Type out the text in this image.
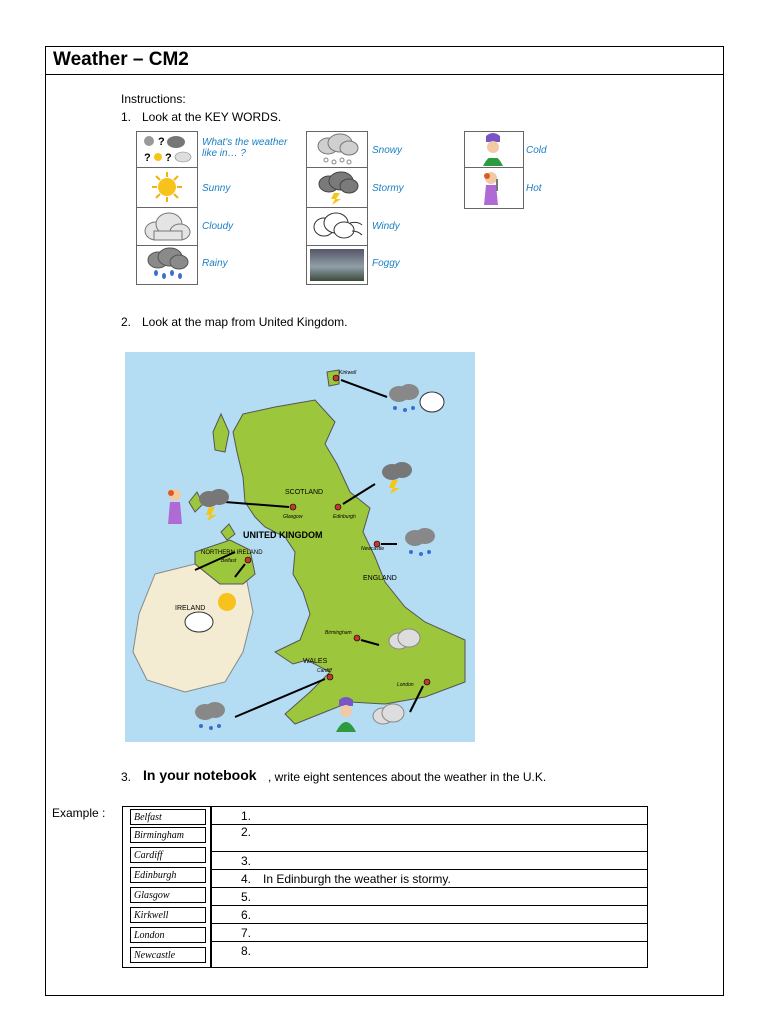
Weather – CM2
Instructions:
1. Look at the KEY WORDS.
?
? ?
What's the weather like in… ?
Sunny
Cloudy
Rainy
Snowy
Stormy
Windy
Foggy
Cold
Hot
2. Look at the map from United Kingdom.
Kirkwell
SCOTLAND
Glasgow	Edinburgh
UNITED KINGDOM
NORTHERN IRELAND
Belfast
Newcastle
ENGLAND
IRELAND
Birmingham
WALES
Cardiff
London
3. In your notebook , write eight sentences about the weather in the U.K.
Example :	Belfast
Birmingham
Cardiff
Edinburgh
Glasgow
Kirkwell
London
Newcastle
1.
2.
3.
4. In Edinburgh the weather is stormy.
5.
6.
7.
8.
